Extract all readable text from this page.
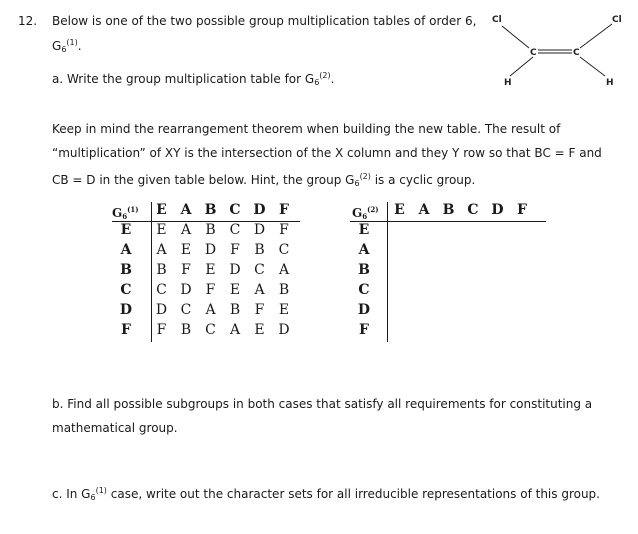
12. Below is one of the two possible group multiplication tables of order 6,
$G_6^{(1)}$.
a. Write the group multiplication table for $G_6^{(2)}$.
Cl	Cl
C	C
H	H
Keep in mind the rearrangement theorem when building the new table. The result of “multiplication” of XY is the intersection of the X column and they Y row so that BC = F and CB = D in the given table below. Hint, the group $G_6^{(2)}$ is a cyclic group.
$G_6^{(1)}$ E A B C D F
E	E A B C D F
A	A E D F B C
B	B F E D C A
C	C D F E A B
D	D C A B F E
F	F B C A E D
$G_6^{(2)}$ E A B C D F
E
A
B
C
D
F
b. Find all possible subgroups in both cases that satisfy all requirements for constituting a mathematical group.
c. In $G_6^{(1)}$ case, write out the character sets for all irreducible representations of this group.
